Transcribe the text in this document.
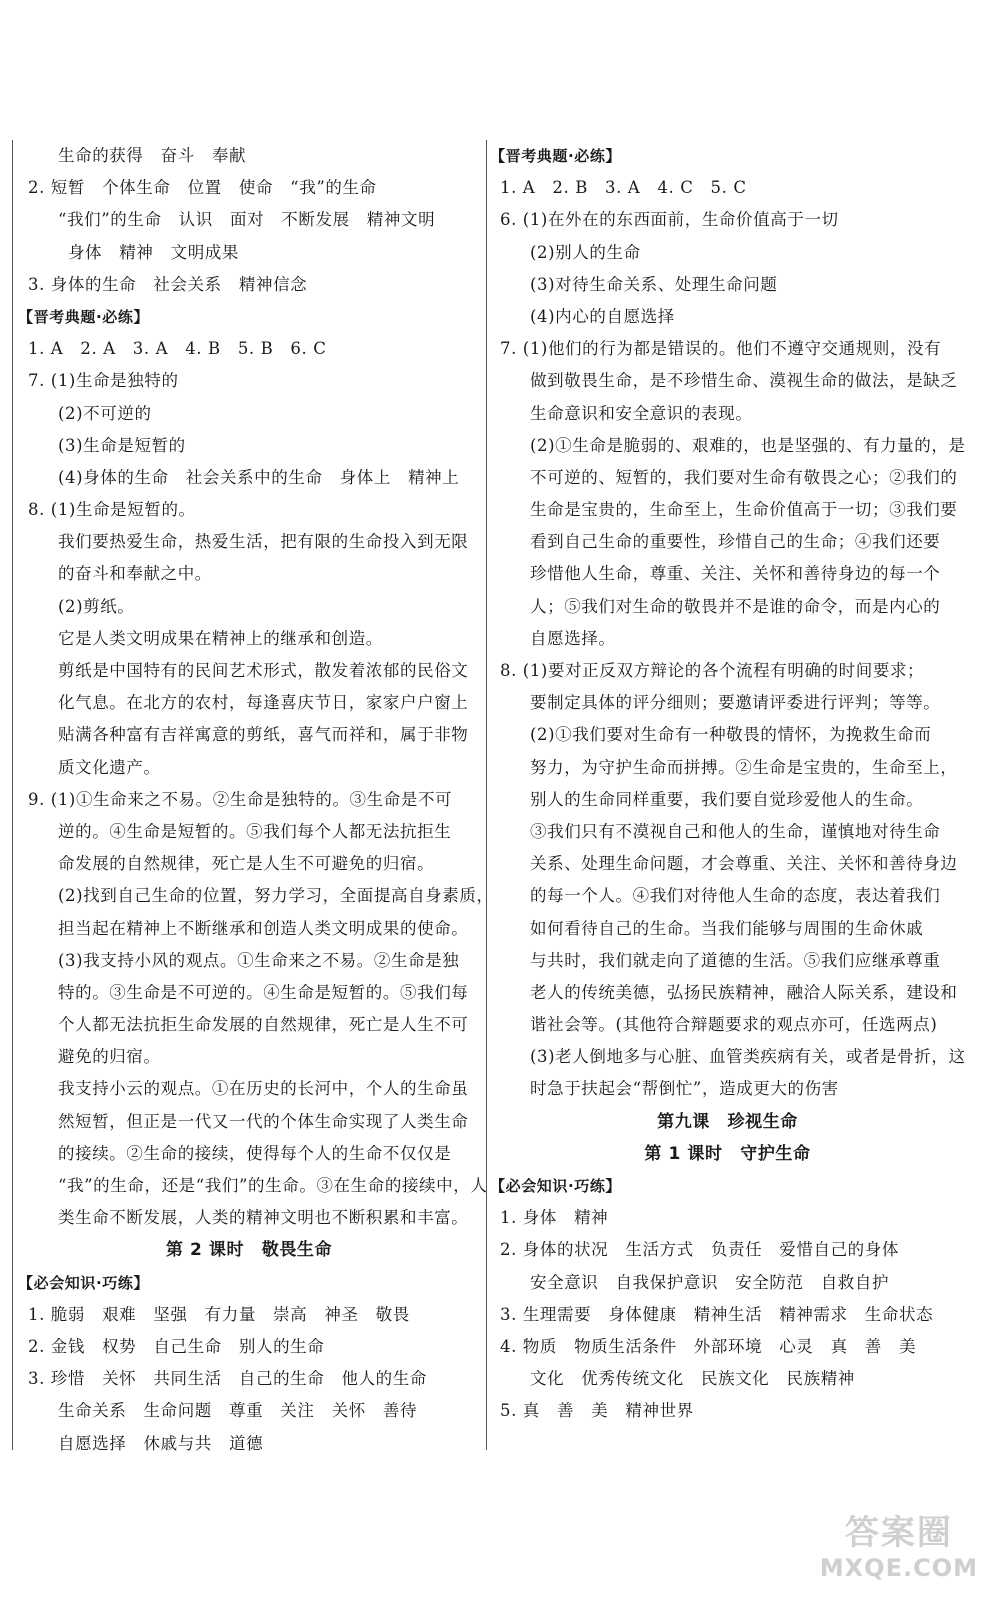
生命的获得　奋斗　奉献
2. 短暂　个体生命　位置　使命　“我”的生命
“我们”的生命　认识　面对　不断发展　精神文明
身体　精神　文明成果
3. 身体的生命　社会关系　精神信念
【晋考典题·必练】
1. A　2. A　3. A　4. B　5. B　6. C
7. (1)生命是独特的
(2)不可逆的
(3)生命是短暂的
(4)身体的生命　社会关系中的生命　身体上　精神上
8. (1)生命是短暂的。
我们要热爱生命，热爱生活，把有限的生命投入到无限
的奋斗和奉献之中。
(2)剪纸。
它是人类文明成果在精神上的继承和创造。
剪纸是中国特有的民间艺术形式，散发着浓郁的民俗文
化气息。在北方的农村，每逢喜庆节日，家家户户窗上
贴满各种富有吉祥寓意的剪纸，喜气而祥和，属于非物
质文化遗产。
9. (1)①生命来之不易。②生命是独特的。③生命是不可
逆的。④生命是短暂的。⑤我们每个人都无法抗拒生
命发展的自然规律，死亡是人生不可避免的归宿。
(2)找到自己生命的位置，努力学习，全面提高自身素质，
担当起在精神上不断继承和创造人类文明成果的使命。
(3)我支持小风的观点。①生命来之不易。②生命是独
特的。③生命是不可逆的。④生命是短暂的。⑤我们每
个人都无法抗拒生命发展的自然规律，死亡是人生不可
避免的归宿。
我支持小云的观点。①在历史的长河中，个人的生命虽
然短暂，但正是一代又一代的个体生命实现了人类生命
的接续。②生命的接续，使得每个人的生命不仅仅是
“我”的生命，还是“我们”的生命。③在生命的接续中，人
类生命不断发展，人类的精神文明也不断积累和丰富。
第 2 课时　敬畏生命
【必会知识·巧练】
1. 脆弱　艰难　坚强　有力量　崇高　神圣　敬畏
2. 金钱　权势　自己生命　别人的生命
3. 珍惜　关怀　共同生活　自己的生命　他人的生命
生命关系　生命问题　尊重　关注　关怀　善待
自愿选择　休戚与共　道德
【晋考典题·必练】
1. A　2. B　3. A　4. C　5. C
6. (1)在外在的东西面前，生命价值高于一切
(2)别人的生命
(3)对待生命关系、处理生命问题
(4)内心的自愿选择
7. (1)他们的行为都是错误的。他们不遵守交通规则，没有
做到敬畏生命，是不珍惜生命、漠视生命的做法，是缺乏
生命意识和安全意识的表现。
(2)①生命是脆弱的、艰难的，也是坚强的、有力量的，是
不可逆的、短暂的，我们要对生命有敬畏之心；②我们的
生命是宝贵的，生命至上，生命价值高于一切；③我们要
看到自己生命的重要性，珍惜自己的生命；④我们还要
珍惜他人生命，尊重、关注、关怀和善待身边的每一个
人；⑤我们对生命的敬畏并不是谁的命令，而是内心的
自愿选择。
8. (1)要对正反双方辩论的各个流程有明确的时间要求；
要制定具体的评分细则；要邀请评委进行评判；等等。
(2)①我们要对生命有一种敬畏的情怀，为挽救生命而
努力，为守护生命而拼搏。②生命是宝贵的，生命至上，
别人的生命同样重要，我们要自觉珍爱他人的生命。
③我们只有不漠视自己和他人的生命，谨慎地对待生命
关系、处理生命问题，才会尊重、关注、关怀和善待身边
的每一个人。④我们对待他人生命的态度，表达着我们
如何看待自己的生命。当我们能够与周围的生命休戚
与共时，我们就走向了道德的生活。⑤我们应继承尊重
老人的传统美德，弘扬民族精神，融洽人际关系，建设和
谐社会等。(其他符合辩题要求的观点亦可，任选两点)
(3)老人倒地多与心脏、血管类疾病有关，或者是骨折，这
时急于扶起会“帮倒忙”，造成更大的伤害
第九课　珍视生命
第 1 课时　守护生命
【必会知识·巧练】
1. 身体　精神
2. 身体的状况　生活方式　负责任　爱惜自己的身体
安全意识　自我保护意识　安全防范　自救自护
3. 生理需要　身体健康　精神生活　精神需求　生命状态
4. 物质　物质生活条件　外部环境　心灵　真　善　美
文化　优秀传统文化　民族文化　民族精神
5. 真　善　美　精神世界
答案圈
MXQE.COM
